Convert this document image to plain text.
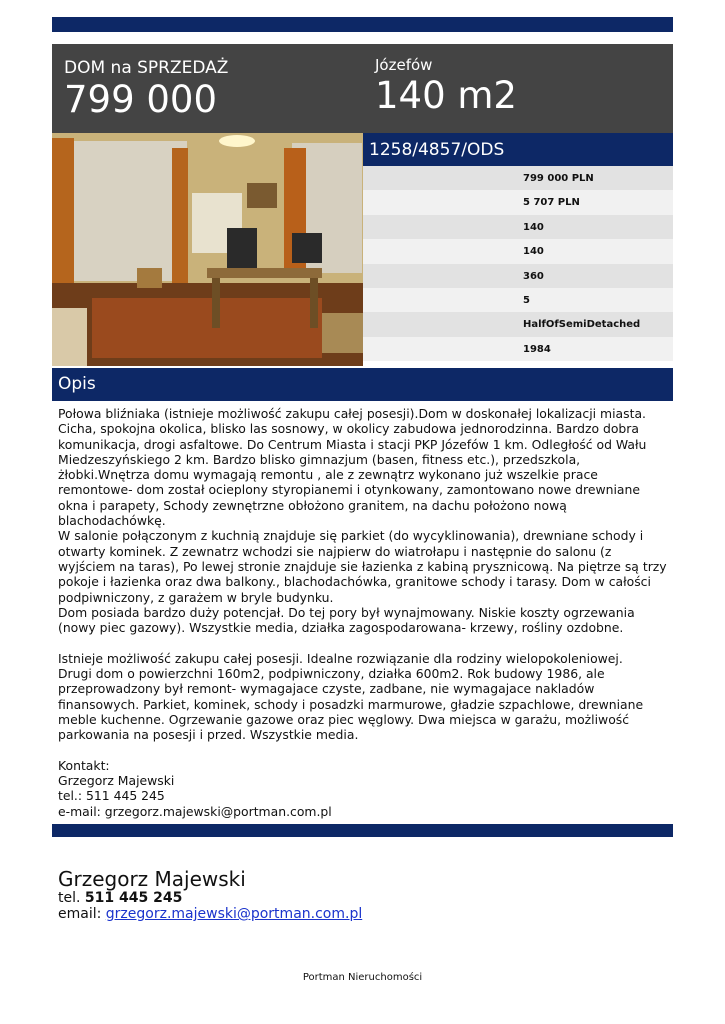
DOM na SPRZEDAŻ
799 000
Józefów
140 m2
1258/4857/ODS
799 000 PLN
5 707 PLN
140
140
360
5
HalfOfSemiDetached
1984
Opis
Połowa bliźniaka (istnieje możliwość zakupu całej posesji).Dom w doskonałej lokalizacji miasta. Cicha, spokojna okolica, blisko las sosnowy, w okolicy zabudowa jednorodzinna. Bardzo dobra komunikacja, drogi asfaltowe. Do Centrum Miasta i stacji PKP Józefów 1 km. Odległość od Wału Miedzeszyńskiego 2 km. Bardzo blisko gimnazjum (basen, fitness etc.), przedszkola, żłobki.Wnętrza domu wymagają remontu , ale z zewnątrz wykonano już wszelkie prace remontowe- dom został ocieplony styropianemi i otynkowany, zamontowano nowe drewniane okna i parapety, Schody zewnętrzne obłożono granitem, na dachu położono nową blachodachówkę.
W salonie połączonym z kuchnią znajduje się parkiet (do wycyklinowania), drewniane schody i otwarty kominek. Z zewnatrz wchodzi sie najpierw do wiatrołapu i następnie do salonu (z wyjściem na taras), Po lewej stronie znajduje sie łazienka z kabiną prysznicową. Na piętrze są trzy pokoje i łazienka oraz dwa balkony., blachodachówka, granitowe schody i tarasy. Dom w całości podpiwniczony, z garażem w bryle budynku.
Dom posiada bardzo duży potencjał. Do tej pory był wynajmowany. Niskie koszty ogrzewania (nowy piec gazowy). Wszystkie media, działka zagospodarowana- krzewy, rośliny ozdobne.

Istnieje możliwość zakupu całej posesji. Idealne rozwiązanie dla rodziny wielopokoleniowej.
Drugi dom o powierzchni 160m2, podpiwniczony, działka 600m2. Rok budowy 1986, ale przeprowadzony był remont- wymagajace czyste, zadbane, nie wymagajace nakladów finansowych. Parkiet, kominek, schody i posadzki marmurowe, gładzie szpachlowe, drewniane meble kuchenne. Ogrzewanie gazowe oraz piec węglowy. Dwa miejsca w garażu, możliwość parkowania na posesji i przed. Wszystkie media.

Kontakt:
Grzegorz Majewski
tel.: 511 445 245
e-mail: grzegorz.majewski@portman.com.pl
Grzegorz Majewski
tel. 511 445 245
email: grzegorz.majewski@portman.com.pl
Portman Nieruchomości
